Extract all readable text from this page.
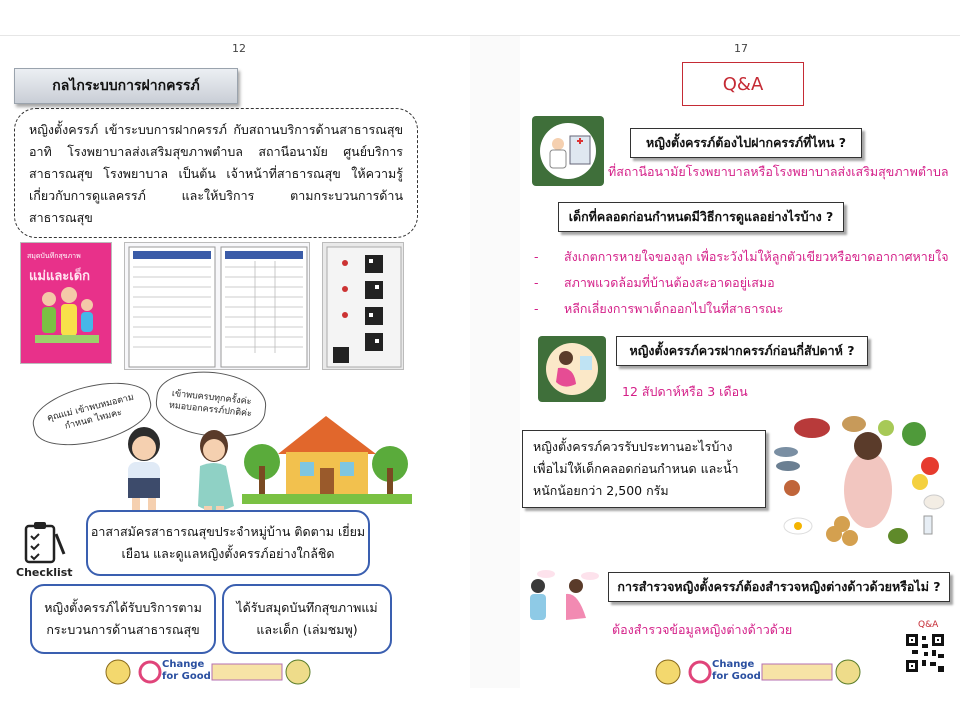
12
กลไกระบบการฝากครรภ์
หญิงตั้งครรภ์ เข้าระบบการฝากครรภ์ กับสถานบริการด้านสาธารณสุข อาทิ โรงพยาบาลส่งเสริมสุขภาพตำบล สถานีอนามัย ศูนย์บริการสาธารณสุข โรงพยาบาล เป็นต้น เจ้าหน้าที่สาธารณสุข ให้ความรู้เกี่ยวกับการดูแลครรภ์ และให้บริการ ตามกระบวนการด้านสาธารณสุข
สมุดบันทึกสุขภาพ
แม่และเด็ก
คุณแม่ เข้าพบหมอตามกำหนด ไหมคะ
เข้าพบครบทุกครั้งค่ะ หมอบอกครรภ์ปกติค่ะ
Checklist
อาสาสมัครสาธารณสุขประจำหมู่บ้าน ติดตาม เยี่ยมเยือน และดูแลหญิงตั้งครรภ์อย่างใกล้ชิด
หญิงตั้งครรภ์ได้รับบริการตาม กระบวนการด้านสาธารณสุข
ได้รับสมุดบันทึกสุขภาพแม่ และเด็ก (เล่มชมพู)
Change for Good
17
Q&A
หญิงตั้งครรภ์ต้องไปฝากครรภ์ที่ไหน ?
ที่สถานีอนามัยโรงพยาบาลหรือโรงพยาบาลส่งเสริมสุขภาพตำบล
เด็กที่คลอดก่อนกำหนดมีวิธีการดูแลอย่างไรบ้าง ?
- สังเกตการหายใจของลูก เพื่อระวังไม่ให้ลูกตัวเขียวหรือขาดอากาศหายใจ
- สภาพแวดล้อมที่บ้านต้องสะอาดอยู่เสมอ
- หลีกเลี่ยงการพาเด็กออกไปในที่สาธารณะ
หญิงตั้งครรภ์ควรฝากครรภ์ก่อนกี่สัปดาห์ ?
12 สัปดาห์หรือ 3 เดือน
หญิงตั้งครรภ์ควรรับประทานอะไรบ้าง เพื่อไม่ให้เด็กคลอดก่อนกำหนด และน้ำหนักน้อยกว่า 2,500 กรัม
การสำรวจหญิงตั้งครรภ์ต้องสำรวจหญิงต่างด้าวด้วยหรือไม่ ?
ต้องสำรวจข้อมูลหญิงต่างด้าวด้วย	Q&A
Change for Good
